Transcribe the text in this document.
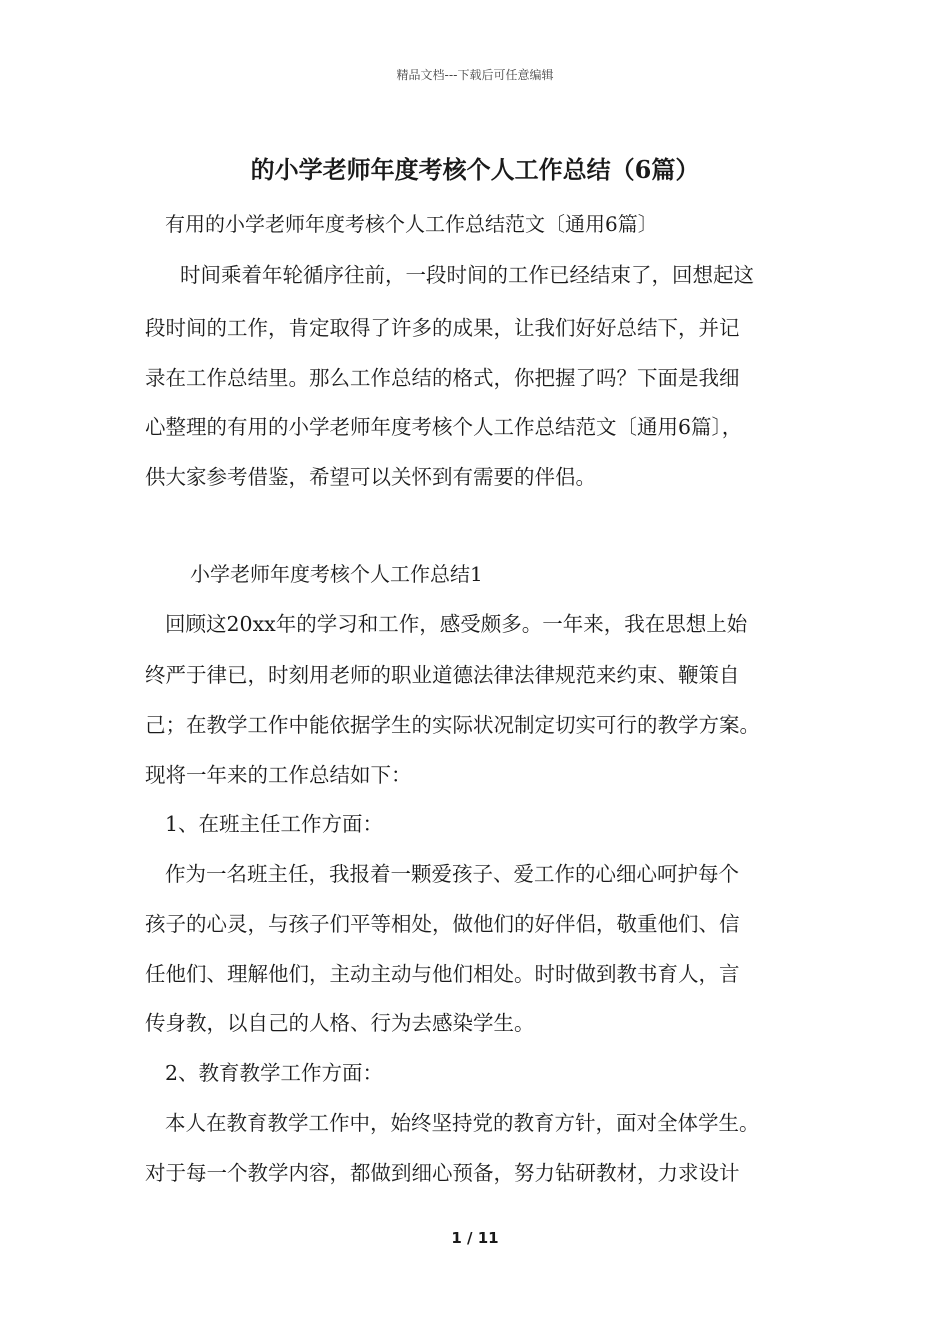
精品文档---下载后可任意编辑
的小学老师年度考核个人工作总结（6篇）
有用的小学老师年度考核个人工作总结范文〔通用6篇〕
时间乘着年轮循序往前，一段时间的工作已经结束了，回想起这
段时间的工作，肯定取得了许多的成果，让我们好好总结下，并记
录在工作总结里。那么工作总结的格式，你把握了吗？下面是我细
心整理的有用的小学老师年度考核个人工作总结范文〔通用6篇〕，
供大家参考借鉴，希望可以关怀到有需要的伴侣。
小学老师年度考核个人工作总结1
回顾这20xx年的学习和工作，感受颇多。一年来，我在思想上始
终严于律已，时刻用老师的职业道德法律法律规范来约束、鞭策自
己；在教学工作中能依据学生的实际状况制定切实可行的教学方案。
现将一年来的工作总结如下：
1、在班主任工作方面：
作为一名班主任，我报着一颗爱孩子、爱工作的心细心呵护每个
孩子的心灵，与孩子们平等相处，做他们的好伴侣，敬重他们、信
任他们、理解他们，主动主动与他们相处。时时做到教书育人，言
传身教，以自己的人格、行为去感染学生。
2、教育教学工作方面：
本人在教育教学工作中，始终坚持党的教育方针，面对全体学生。
对于每一个教学内容，都做到细心预备，努力钻研教材，力求设计
1 / 11
